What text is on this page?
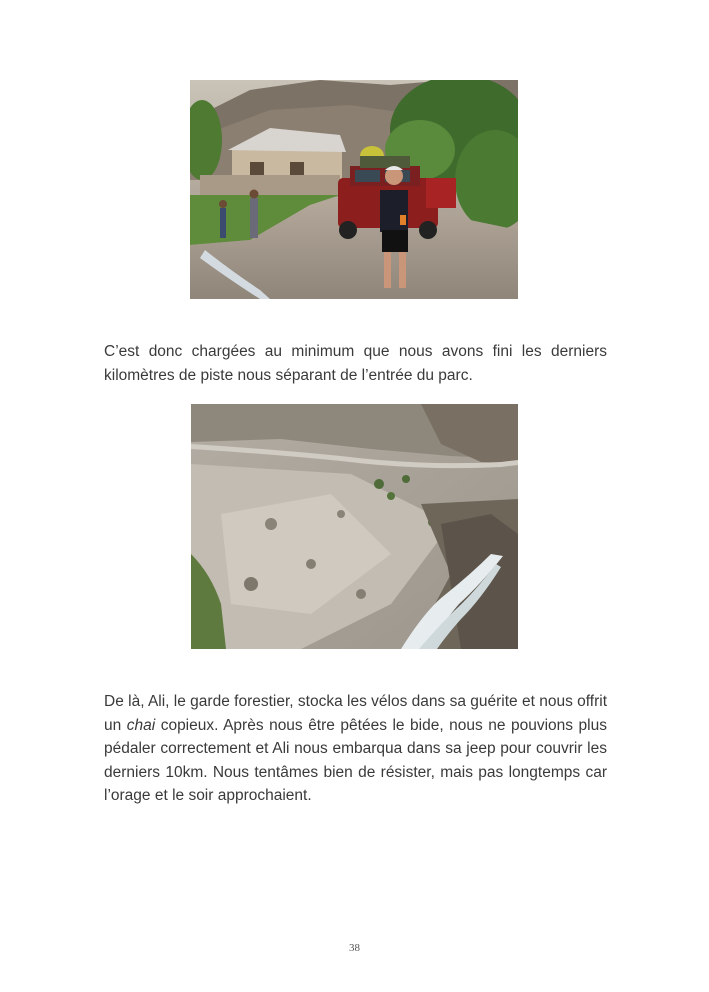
C’est donc chargées au minimum que nous avons fini les derniers kilomètres de piste nous séparant de l’entrée du parc.

De là, Ali, le garde forestier, stocka les vélos dans sa guérite et nous offrit un chai copieux. Après nous être pêtées le bide, nous ne pouvions plus pédaler correctement et Ali nous embarqua dans sa jeep pour couvrir les derniers 10km. Nous tentâmes bien de résister, mais pas longtemps car l’orage et le soir approchaient.

38
